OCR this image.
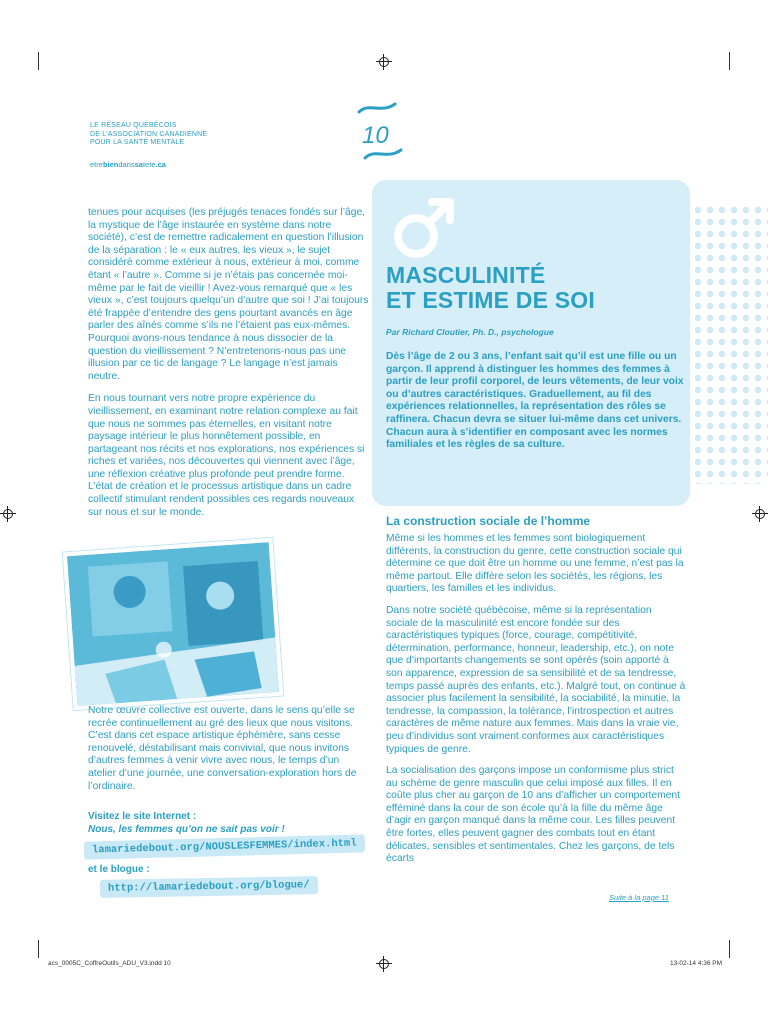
LE RÉSEAU QUÉBÉCOIS
DE L’ASSOCIATION CANADIENNE
POUR LA SANTÉ MENTALE
etrebiendanssatete.ca
10

tenues pour acquises (les préjugés tenaces fondés sur l’âge, la mystique de l’âge instaurée en système dans notre société), c’est de remettre radicalement en question l’illusion de la séparation : le « eux autres, les vieux », le sujet considéré comme extérieur à nous, extérieur à moi, comme étant « l’autre ». Comme si je n’étais pas concernée moi-même par le fait de vieillir ! Avez-vous remarqué que « les vieux », c’est toujours quelqu’un d’autre que soi ! J’ai toujours été frappée d’entendre des gens pourtant avancés en âge parler des aînés comme s’ils ne l’étaient pas eux-mêmes. Pourquoi avons-nous tendance à nous dissocier de la question du vieillissement ? N’entretenons-nous pas une illusion par ce tic de langage ? Le langage n’est jamais neutre.

En nous tournant vers notre propre expérience du vieillissement, en examinant notre relation complexe au fait que nous ne sommes pas éternelles, en visitant notre paysage intérieur le plus honnêtement possible, en partageant nos récits et nos explorations, nos expériences si riches et variées, nos découvertes qui viennent avec l’âge, une réflexion créative plus profonde peut prendre forme. L’état de création et le processus artistique dans un cadre collectif stimulant rendent possibles ces regards nouveaux sur nous et sur le monde.

Notre œuvre collective est ouverte, dans le sens qu’elle se recrée continuellement au gré des lieux que nous visitons. C’est dans cet espace artistique éphémère, sans cesse renouvelé, déstabilisant mais convivial, que nous invitons d’autres femmes à venir vivre avec nous, le temps d’un atelier d’une journée, une conversation-exploration hors de l’ordinaire.

Visitez le site Internet :
Nous, les femmes qu’on ne sait pas voir !
lamariedebout.org/NOUSLESFEMMES/index.html
et le blogue :
http://lamariedebout.org/blogue/
MASCULINITÉ
ET ESTIME DE SOI
Par Richard Cloutier, Ph. D., psychologue
Dès l’âge de 2 ou 3 ans, l’enfant sait qu’il est une fille ou un garçon. Il apprend à distinguer les hommes des femmes à partir de leur profil corporel, de leurs vêtements, de leur voix ou d’autres caractéristiques. Graduellement, au fil des expériences relationnelles, la représentation des rôles se raffinera. Chacun devra se situer lui-même dans cet univers. Chacun aura à s’identifier en composant avec les normes familiales et les règles de sa culture.
La construction sociale de l’homme

Même si les hommes et les femmes sont biologiquement différents, la construction du genre, cette construction sociale qui détermine ce que doit être un homme ou une femme, n’est pas la même partout. Elle diffère selon les sociétés, les régions, les quartiers, les familles et les individus.

Dans notre société québécoise, même si la représentation sociale de la masculinité est encore fondée sur des caractéristiques typiques (force, courage, compétitivité, détermination, performance, honneur, leadership, etc.), on note que d’importants changements se sont opérés (soin apporté à son apparence, expression de sa sensibilité et de sa tendresse, temps passé auprès des enfants, etc.). Malgré tout, on continue à associer plus facilement la sensibilité, la sociabilité, la minutie, la tendresse, la compassion, la tolérance, l’introspection et autres caractères de même nature aux femmes. Mais dans la vraie vie, peu d’individus sont vraiment conformes aux caractéristiques typiques de genre.

La socialisation des garçons impose un conformisme plus strict au schème de genre masculin que celui imposé aux filles. Il en coûte plus cher au garçon de 10 ans d’afficher un comportement efféminé dans la cour de son école qu’à la fille du même âge d’agir en garçon manqué dans la même cour. Les filles peuvent être fortes, elles peuvent gagner des combats tout en étant délicates, sensibles et sentimentales. Chez les garçons, de tels écarts

Suite à la page 11
acs_0005C_CoffreOutils_ADU_V3.indd 10	13-02-14 4:36 PM
